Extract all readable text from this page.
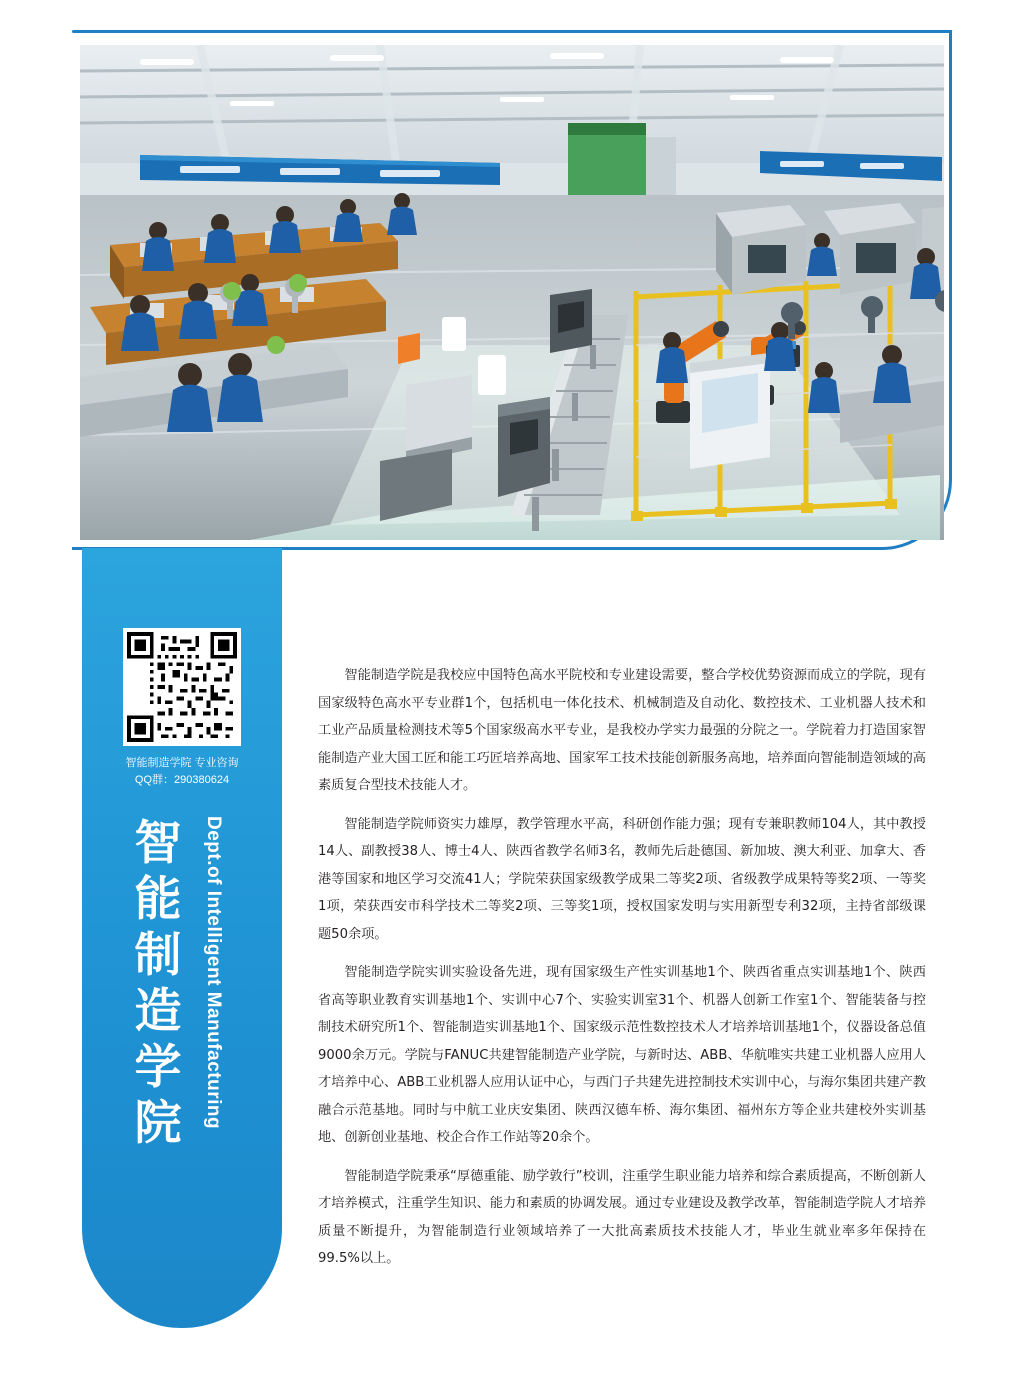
智能制造学院 专业咨询
QQ群：290380624
智能制造学院	Dept.of Intelligent Manufacturing

智能制造学院是我校应中国特色高水平院校和专业建设需要，整合学校优势资源而成立的学院，现有国家级特色高水平专业群1个，包括机电一体化技术、机械制造及自动化、数控技术、工业机器人技术和工业产品质量检测技术等5个国家级高水平专业，是我校办学实力最强的分院之一。学院着力打造国家智能制造产业大国工匠和能工巧匠培养高地、国家军工技术技能创新服务高地，培养面向智能制造领域的高素质复合型技术技能人才。

智能制造学院师资实力雄厚，教学管理水平高，科研创作能力强；现有专兼职教师104人，其中教授14人、副教授38人、博士4人、陕西省教学名师3名，教师先后赴德国、新加坡、澳大利亚、加拿大、香港等国家和地区学习交流41人；学院荣获国家级教学成果二等奖2项、省级教学成果特等奖2项、一等奖1项，荣获西安市科学技术二等奖2项、三等奖1项，授权国家发明与实用新型专利32项，主持省部级课题50余项。

智能制造学院实训实验设备先进，现有国家级生产性实训基地1个、陕西省重点实训基地1个、陕西省高等职业教育实训基地1个、实训中心7个、实验实训室31个、机器人创新工作室1个、智能装备与控制技术研究所1个、智能制造实训基地1个、国家级示范性数控技术人才培养培训基地1个，仪器设备总值9000余万元。学院与FANUC共建智能制造产业学院，与新时达、ABB、华航唯实共建工业机器人应用人才培养中心、ABB工业机器人应用认证中心，与西门子共建先进控制技术实训中心，与海尔集团共建产教融合示范基地。同时与中航工业庆安集团、陕西汉德车桥、海尔集团、福州东方等企业共建校外实训基地、创新创业基地、校企合作工作站等20余个。

智能制造学院秉承“厚德重能、励学敦行”校训，注重学生职业能力培养和综合素质提高，不断创新人才培养模式，注重学生知识、能力和素质的协调发展。通过专业建设及教学改革，智能制造学院人才培养质量不断提升，为智能制造行业领域培养了一大批高素质技术技能人才，毕业生就业率多年保持在99.5%以上。
